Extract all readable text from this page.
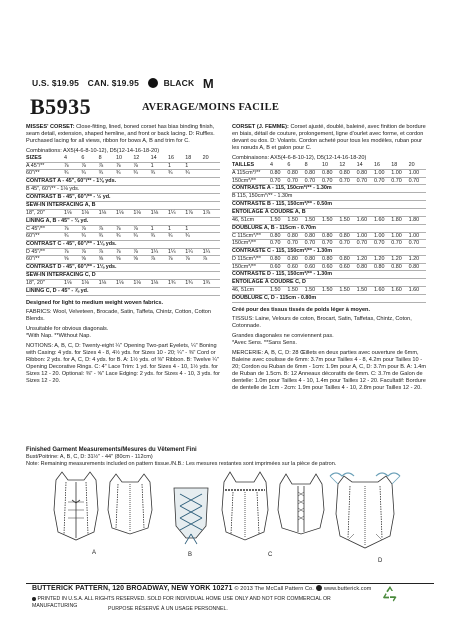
U.S. $19.95 CAN. $19.95	BLACK M
B5935	AVERAGE/MOINS FACILE

MISSES' CORSET: Close-fitting, lined, boned corset has bias binding finish, seam detail, extension, shaped hemline, and front or back lacing. D: Ruffles. Purchased lacing for all views, ribbon for bows A, B and trim for C.

Combinations: AX5(4-6-8-10-12), D5(12-14-16-18-20)
SIZES	4	6	8	10	12	14	16	18	20
A 45"/**	⅞	⅞	⅞	⅞	⅞	1	1	1	
60"/**	¾	¾	¾	¾	¾	¾	¾	¾	
CONTRAST A - 45", 60"/** - 1⅛ yds.									
B 45", 60"/** - 1⅛ yds.									
CONTRAST B - 45", 60"/** - ½ yd.									
SEW-IN INTERFACING A, B									
18", 20"	1⅛	1⅛	1⅛	1⅛	1⅛	1⅛	1¼	1⅞	1⅞
LINING A, B - 45" - ¾ yd.									
C 45"/**	⅞	⅞	⅞	⅞	⅞	1	1	1	
60"/**	¾	¾	¾	¾	¾	¾	¾	¾	
CONTRAST C - 45", 60"/** - 1⅛ yds.									
D 45"/**	⅞	⅞	⅞	⅞	⅞	1¼	1¼	1¼	1¼
60"/**	⅝	⅝	⅝	⅝	⅝	⅞	⅞	⅞	⅞
CONTRAST D - 45", 60"/** - 1⅛ yds.									
SEW-IN INTERFACING C, D									
18", 20"	1⅛	1⅛	1⅛	1⅛	1⅛	1⅛	1¾	1¾	1¾
LINING C, D - 45" - ⅞ yd.									

Designed for light to medium weight woven fabrics.

FABRICS: Wool, Velveteen, Brocade, Satin, Taffeta, Chintz, Cotton, Cotton Blends.

Unsuitable for obvious diagonals.
*With Nap. **Without Nap.

NOTIONS: A, B, C, D: Twenty-eight ¼" Opening Two-part Eyelets, ¼" Boning with Casing: 4 yds. for Sizes 4 - 8, 4½ yds. for Sizes 10 - 20; ¼" - ⅜" Cord or Ribbon: 2 yds. for A, C, D: 4 yds. for B. A: 1½ yds. of ⅜" Ribbon. B: Twelve ¼" Opening Decorative Rings. C: 4" Lace Trim: 1 yd. for Sizes 4 - 10, 1½ yds. for Sizes 12 - 20. Optional: ⅜" - ⅝" Lace Edging: 2 yds. for Sizes 4 - 10, 3 yds. for Sizes 12 - 20.

CORSET (J. FEMME): Corset ajusté, doublé, baleiné, avec finition de bordure en biais, détail de couture, prolongement, ligne d'ourlet avec forme, et cordon devant ou dos. D: Volants. Cordon acheté pour tous les modèles, ruban pour les nœuds A, B et galon pour C.

Combinaisons: AX5(4-6-8-10-12), D5(12-14-16-18-20)
TAILLES	4	6	8	10	12	14	16	18	20
A 115cm*/**	0.80	0.80	0.80	0.80	0.80	0.80	1.00	1.00	1.00
150cm*/**	0.70	0.70	0.70	0.70	0.70	0.70	0.70	0.70	0.70
CONTRASTE A - 115, 150cm*/** - 1.30m									
B 115, 150cm*/** - 1.30m									
CONTRASTE B - 115, 150cm*/** - 0.50m									
ENTOILAGE À COUDRE A, B									
46, 51cm	1.50	1.50	1.50	1.50	1.50	1.60	1.60	1.80	1.80
DOUBLURE A, B - 115cm - 0.70m									
C 115cm*/**	0.80	0.80	0.80	0.80	0.80	1.00	1.00	1.00	1.00
150cm*/**	0.70	0.70	0.70	0.70	0.70	0.70	0.70	0.70	0.70
CONTRASTE C - 115, 150cm*/** - 1.30m									
D 115cm*/**	0.80	0.80	0.80	0.80	0.80	1.20	1.20	1.20	1.20
150cm*/**	0.60	0.60	0.60	0.60	0.60	0.80	0.80	0.80	0.80
CONTRASTE D - 115, 150cm*/** - 1.30m									
ENTOILAGE À COUDRE C, D									
46, 51cm	1.50	1.50	1.50	1.50	1.50	1.50	1.60	1.60	1.60
DOUBLURE C, D - 115cm - 0.80m									

Créé pour des tissus tissés de poids léger à moyen.

TISSUS: Laine, Velours de coton, Brocart, Satin, Taffetas, Chintz, Coton, Cotonnade.

Grandes diagonales ne conviennent pas.
*Avec Sens. **Sans Sens.

MERCERIE: A, B, C, D: 28 Œillets en deux parties avec ouverture de 6mm, Baleine avec coulisse de 6mm: 3.7m pour Tailles 4 - 8, 4.2m pour Tailles 10 - 20; Cordon ou Ruban de 6mm - 1cm: 1.9m pour A, C, D: 3.7m pour B. A: 1.4m de Ruban de 1.5cm. B: 12 Anneaux décoratifs de 6mm. C: 3.7m de Galon de dentelle: 1.0m pour Tailles 4 - 10, 1.4m pour Tailles 12 - 20. Facultatif: Bordure de dentelle de 1cm - 2cm: 1.9m pour Tailles 4 - 10, 2.8m pour Tailles 12 - 20.

Finished Garment Measurements/Mesures du Vêtement Fini
Bust/Poitrine: A, B, C, D: 31½" - 44" (80cm - 112cm)
Note: Remaining measurements included on pattern tissue./N.B.: Les mesures restantes sont imprimées sur la pièce de patron.
A	B	C
D
BUTTERICK PATTERN, 120 BROADWAY, NEW YORK 10271 © 2013 The McCall Pattern Co. www.butterick.com
PRINTED IN U.S.A. ALL RIGHTS RESERVED. SOLD FOR INDIVIDUAL HOME USE ONLY AND NOT FOR COMMERCIAL OR MANUFACTURING
PURPOSE RÉSERVÉ À UN USAGE PERSONNEL.
